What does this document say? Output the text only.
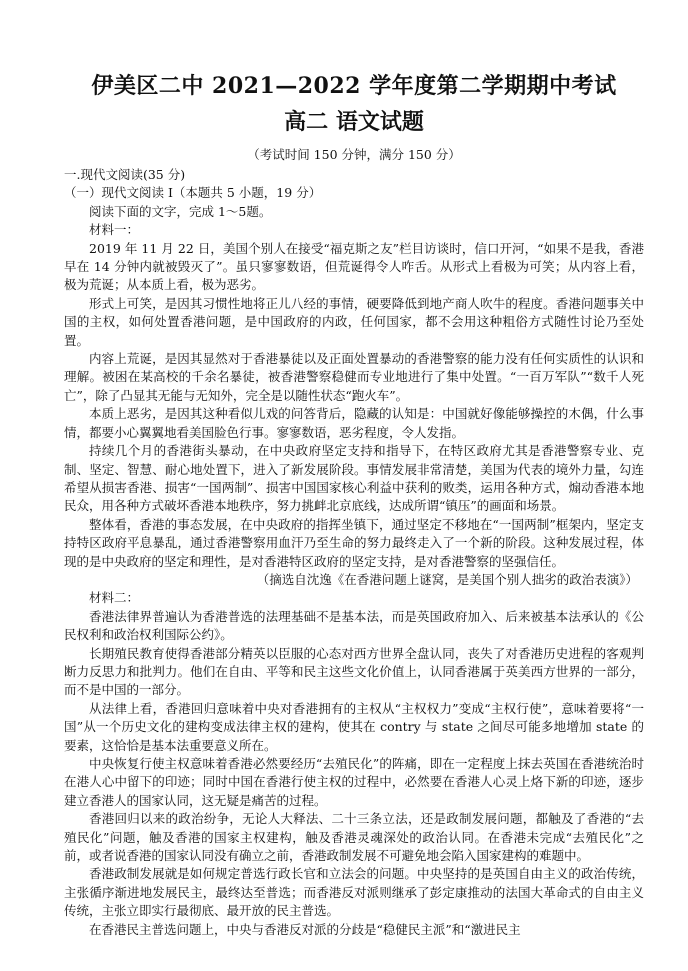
伊美区二中 2021—2022 学年度第二学期期中考试
高二 语文试题
（考试时间 150 分钟，满分 150 分）

一.现代文阅读(35 分)

（一）现代文阅读 I（本题共 5 小题，19 分）

阅读下面的文字，完成 1～5题。

材料一：

2019 年 11 月 22 日，美国个别人在接受“福克斯之友”栏目访谈时，信口开河，“如果不是我，香港早在 14 分钟内就被毁灭了”。虽只寥寥数语，但荒诞得令人咋舌。从形式上看极为可笑；从内容上看，极为荒诞；从本质上看，极为恶劣。

形式上可笑，是因其习惯性地将正儿八经的事情，硬要降低到地产商人吹牛的程度。香港问题事关中国的主权，如何处置香港问题，是中国政府的内政，任何国家，都不会用这种粗俗方式随性讨论乃至处置。

内容上荒诞，是因其显然对于香港暴徒以及正面处置暴动的香港警察的能力没有任何实质性的认识和理解。被困在某高校的千余名暴徒，被香港警察稳健而专业地进行了集中处置。“一百万军队”“数千人死亡”，除了凸显其无能与无知外，完全是以随性状态“跑火车”。

本质上恶劣，是因其这种看似儿戏的问答背后，隐藏的认知是：中国就好像能够操控的木偶，什么事情，都要小心翼翼地看美国脸色行事。寥寥数语，恶劣程度，令人发指。

持续几个月的香港街头暴动，在中央政府坚定支持和指导下，在特区政府尤其是香港警察专业、克制、坚定、智慧、耐心地处置下，进入了新发展阶段。事情发展非常清楚，美国为代表的境外力量，勾连希望从损害香港、损害“一国两制”、损害中国国家核心利益中获利的败类，运用各种方式，煽动香港本地民众，用各种方式破坏香港本地秩序，努力挑衅北京底线，达成所谓“镇压”的画面和场景。

整体看，香港的事态发展，在中央政府的指挥坐镇下，通过坚定不移地在“一国两制”框架内，坚定支持特区政府平息暴乱，通过香港警察用血汗乃至生命的努力最终走入了一个新的阶段。这种发展过程，体现的是中央政府的坚定和理性，是对香港特区政府的坚定支持，是对香港警察的坚强信任。

（摘选自沈逸《在香港问题上谜窝，是美国个别人拙劣的政治表演》）

材料二：

香港法律界普遍认为香港普选的法理基础不是基本法，而是英国政府加入、后来被基本法承认的《公民权利和政治权利国际公约》。

长期殖民教育使得香港部分精英以臣服的心态对西方世界全盘认同，丧失了对香港历史进程的客观判断力反思力和批判力。他们在自由、平等和民主这些文化价值上，认同香港属于英美西方世界的一部分，而不是中国的一部分。

从法律上看，香港回归意味着中央对香港拥有的主权从“主权权力”变成“主权行使”，意味着要将“一国”从一个历史文化的建构变成法律主权的建构，使其在 contry 与 state 之间尽可能多地增加 state 的要素，这恰恰是基本法重要意义所在。

中央恢复行使主权意味着香港必然要经历“去殖民化”的阵痛，即在一定程度上抹去英国在香港统治时在港人心中留下的印迹；同时中国在香港行使主权的过程中，必然要在香港人心灵上烙下新的印迹，逐步建立香港人的国家认同，这无疑是痛苦的过程。

香港回归以来的政治纷争，无论人大释法、二十三条立法，还是政制发展问题，都触及了香港的“去殖民化”问题，触及香港的国家主权建构，触及香港灵魂深处的政治认同。在香港未完成“去殖民化”之前，或者说香港的国家认同没有确立之前，香港政制发展不可避免地会陷入国家建构的难题中。

香港政制发展就是如何规定普选行政长官和立法会的问题。中央坚持的是英国自由主义的政治传统，主张循序渐进地发展民主，最终达至普选；而香港反对派则继承了彭定康推动的法国大革命式的自由主义传统，主张立即实行最彻底、最开放的民主普选。

在香港民主普选问题上，中央与香港反对派的分歧是“稳健民主派”和“激进民主
